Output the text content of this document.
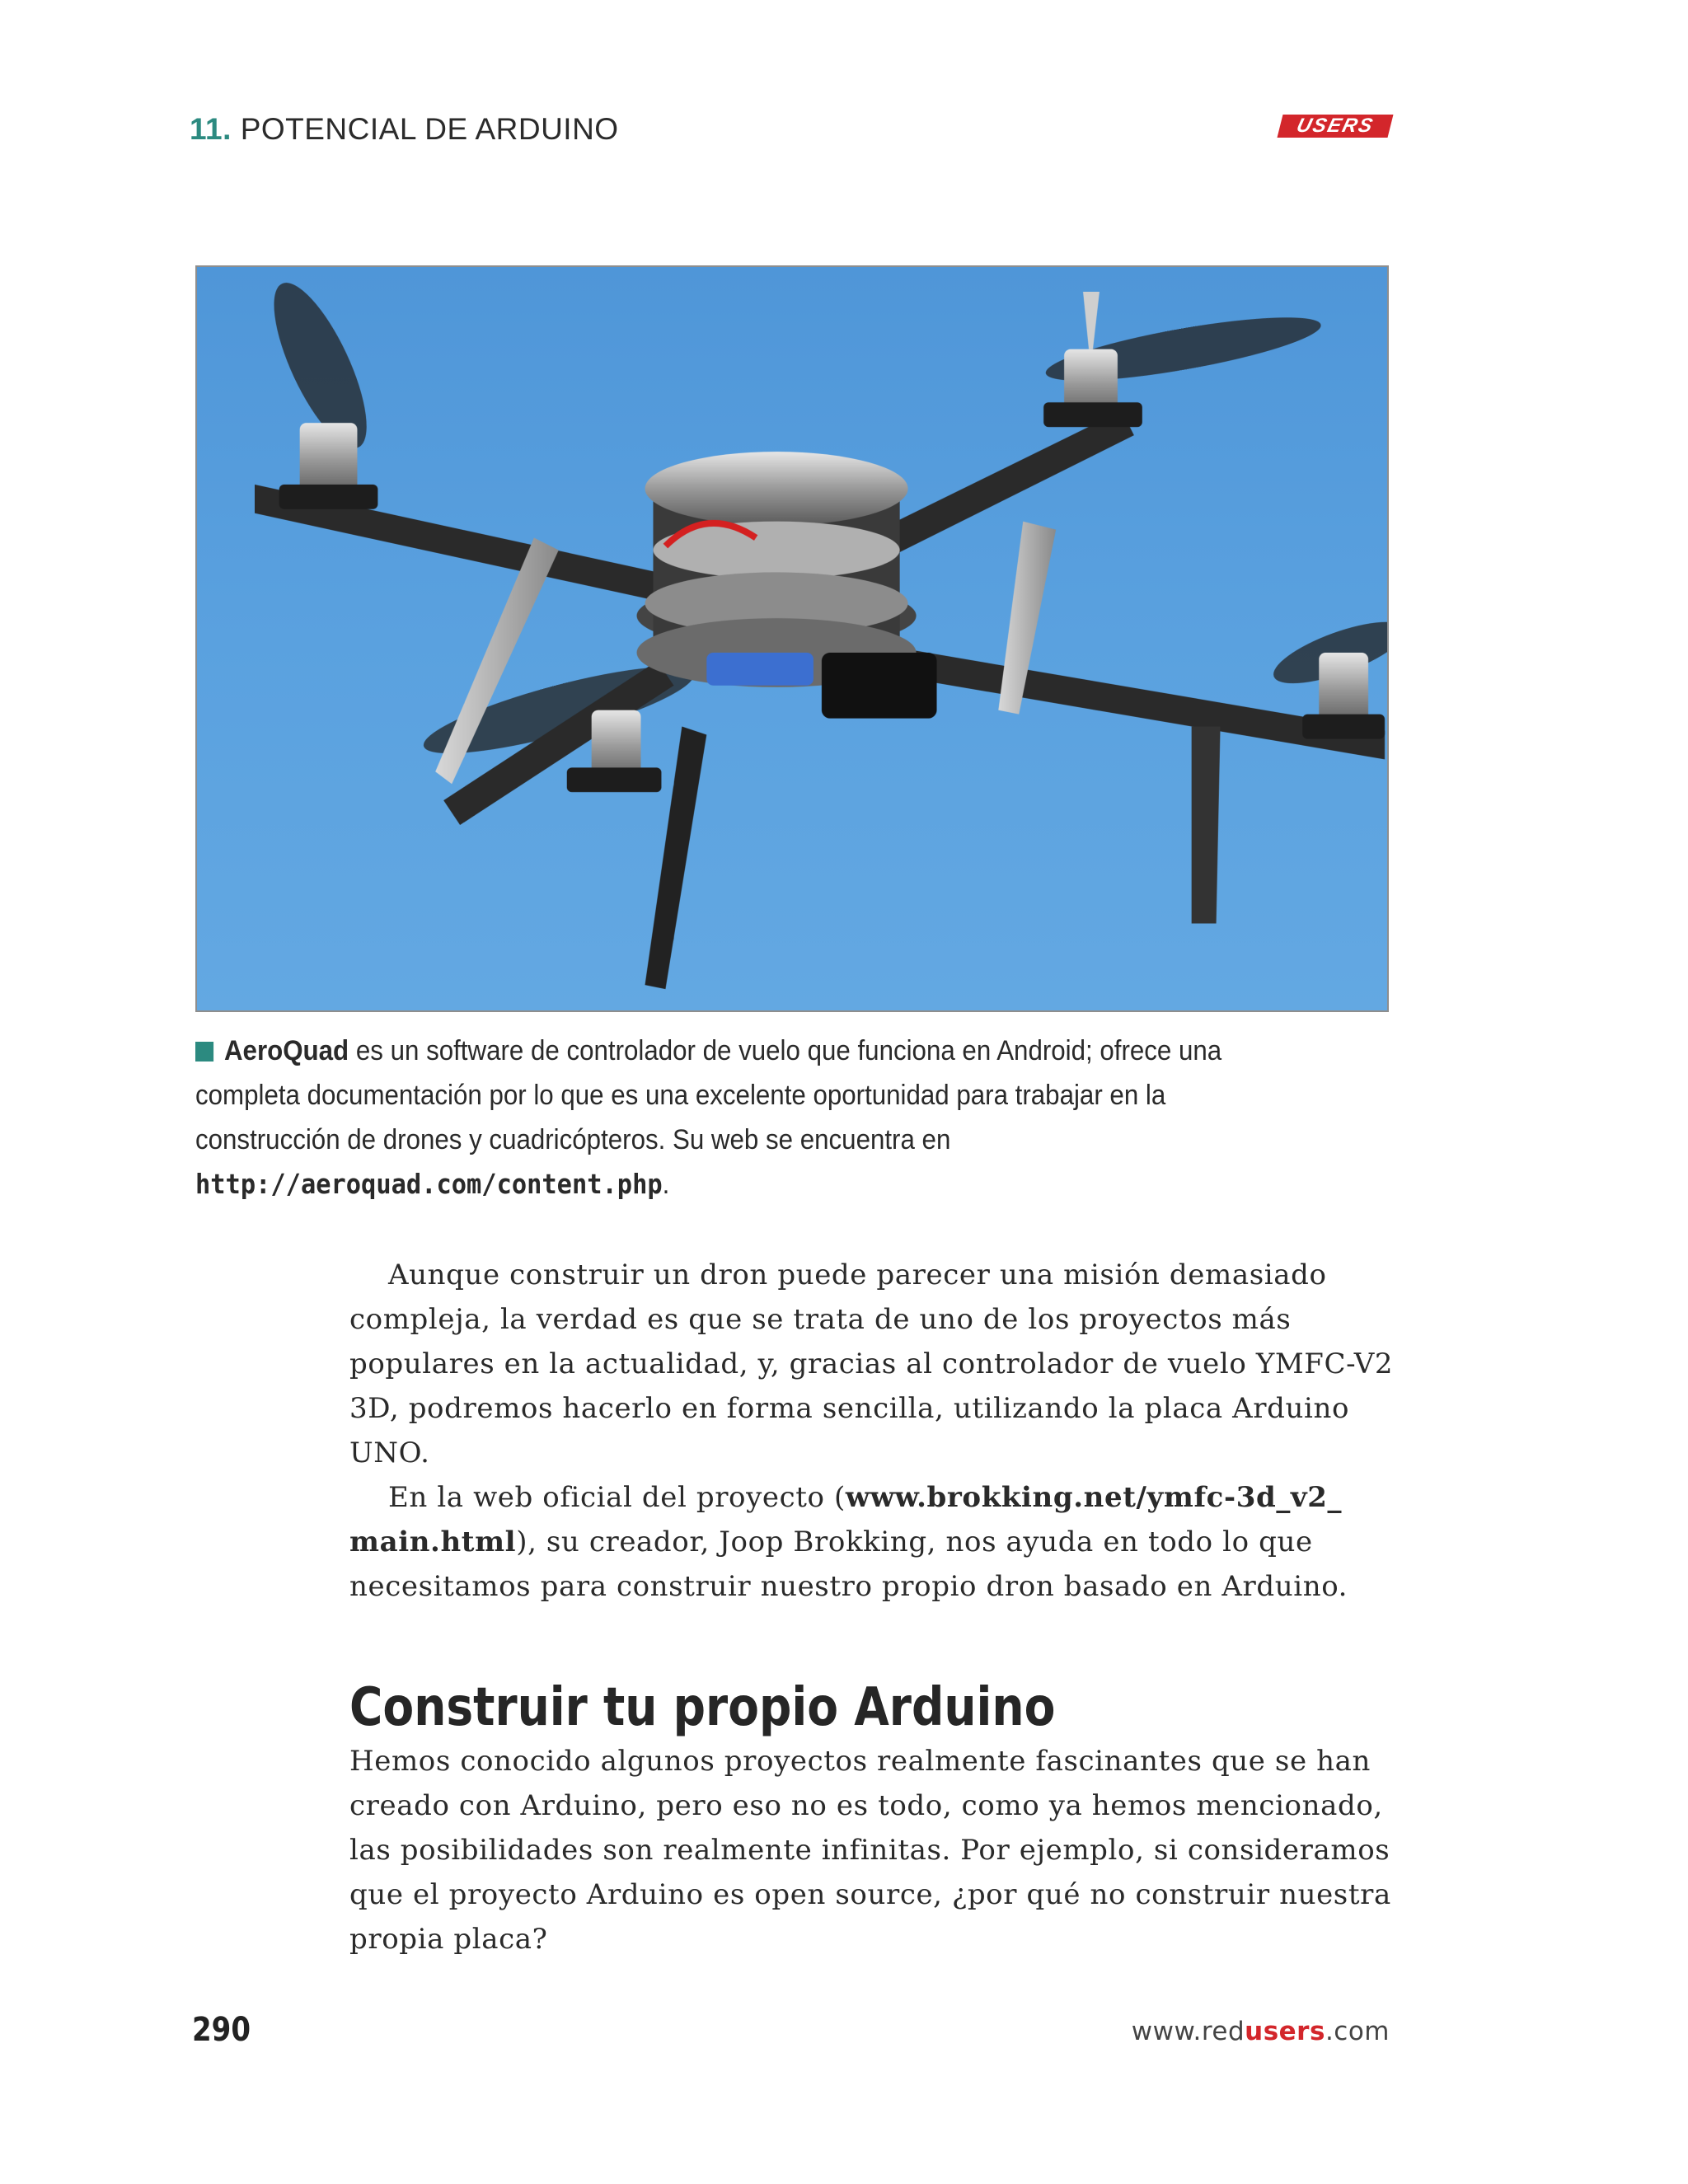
11. POTENCIAL DE ARDUINO	USERS
AeroQuad es un software de controlador de vuelo que funciona en Android; ofrece una completa documentación por lo que es una excelente oportunidad para trabajar en la construcción de drones y cuadricópteros. Su web se encuentra en http://aeroquad.com/content.php.

Aunque construir un dron puede parecer una misión demasiado compleja, la verdad es que se trata de uno de los proyectos más populares en la actualidad, y, gracias al controlador de vuelo YMFC-V2 3D, podremos hacerlo en forma sencilla, utilizando la placa Arduino UNO.

En la web oficial del proyecto (www.brokking.net/ymfc-3d_v2_ main.html), su creador, Joop Brokking, nos ayuda en todo lo que necesitamos para construir nuestro propio dron basado en Arduino.

Construir tu propio Arduino

Hemos conocido algunos proyectos realmente fascinantes que se han creado con Arduino, pero eso no es todo, como ya hemos mencionado, las posibilidades son realmente infinitas. Por ejemplo, si consideramos que el proyecto Arduino es open source, ¿por qué no construir nuestra propia placa?

290	www.redusers.com
